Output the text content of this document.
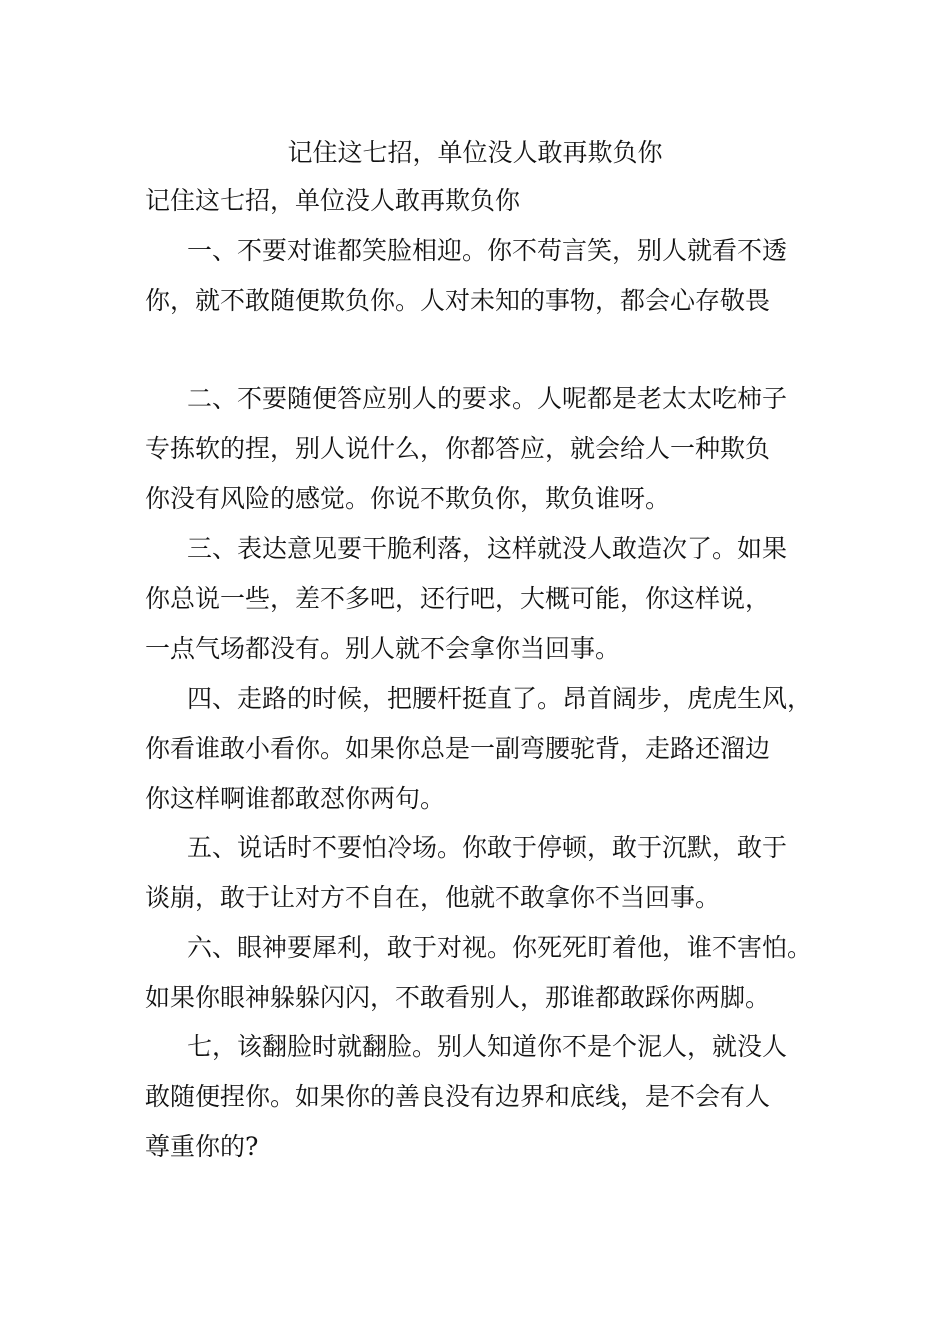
记住这七招，单位没人敢再欺负你
记住这七招，单位没人敢再欺负你
一、不要对谁都笑脸相迎。你不苟言笑，别人就看不透
你，就不敢随便欺负你。人对未知的事物，都会心存敬畏
二、不要随便答应别人的要求。人呢都是老太太吃柿子
专拣软的捏，别人说什么，你都答应，就会给人一种欺负
你没有风险的感觉。你说不欺负你，欺负谁呀。
三、表达意见要干脆利落，这样就没人敢造次了。如果
你总说一些，差不多吧，还行吧，大概可能，你这样说，
一点气场都没有。别人就不会拿你当回事。
四、走路的时候，把腰杆挺直了。昂首阔步，虎虎生风，
你看谁敢小看你。如果你总是一副弯腰驼背，走路还溜边
你这样啊谁都敢怼你两句。
五、说话时不要怕冷场。你敢于停顿，敢于沉默，敢于
谈崩，敢于让对方不自在，他就不敢拿你不当回事。
六、眼神要犀利，敢于对视。你死死盯着他，谁不害怕。
如果你眼神躲躲闪闪，不敢看别人，那谁都敢踩你两脚。
七，该翻脸时就翻脸。别人知道你不是个泥人，就没人
敢随便捏你。如果你的善良没有边界和底线，是不会有人
尊重你的?
